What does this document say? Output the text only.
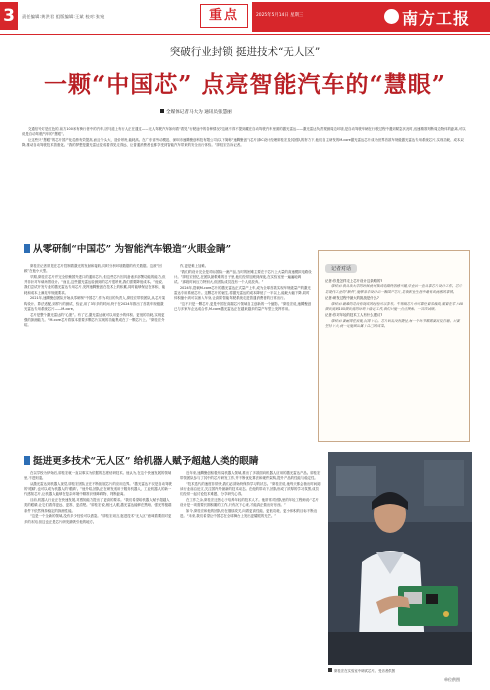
3	责任编辑:黄洪君 组版编辑:王斌 校对:张宛	重点	2025年5月14日 星期三	南方工报
突破行业封锁 挺进技术“无人区”
一颗“中国芯” 点亮智能汽车的“慧眼”
全媒体记者马大为 通讯员张慧丽

交通信号灯是红色的,前方100米有骑行者中的汽车,因马道上有行人正在通过——无人驾驶汽车如何看“看见”行驶途中的各种情况?这就不得不提到藏在自动驾驶汽车里面的激光雷达——激光雷达负责观测周边环境,是自动驾驶车辆在行驶过程中遇到紧急状况时,迅速精准判断周边物体的距离,可以说是自动驾驶汽车的“慧眼”。

让这些只“慧眼”的芯片国产化趋势有效提高,而且个头大、造价昂贵,能耗高。在广东省劳动模范、深圳市速腾聚创科技有限公司(以下简称“速腾聚创”)芯片部IC设计经理廖桂宏及其团队的努力下,他们自主研发的M-core激光雷达芯片成为世界首款车规级激光雷达专用系统芯片,实现功耗、成本双降,推动自动驾驶技术普惠化。“我的梦想是激光雷达变成看得见走得远、让普通消费者也都享受到智能汽车带来的安全出行体验。”廖桂宏告诉记者。

从零研制“中国芯” 为智能汽车锻造“火眼金睛”

廖桂宏记者常见在芯片控制着激光的发射和接收,同时分析环境数据的有关数据。这被“回顾”在他小大型。

早期,廖桂宏芯片并完全依赖国外进口的通用芯片,但这些芯片因具备诸多部署功能的能力,但并非针对车载场景设计。“而且,这些激光雷达检测到的芯片很昂贵,我们需要降低成本。”他说,我们尝试开发专业的激光雷达专用芯片,发挥速腾聚创在技术上的积累,同时能够保证在体积、能耗和成本上满足车规级要求。

2021年,速腾聚创团队开始从零研制“中国芯”,作为项目的负责人,廖桂宏带领团队,从芯片架构设计、算法适配,到样片的测试、验证,用了3年多的时间,终于在2024年推出了首款车规级激光雷达专用系统芯片——M-core。

芯片是整个激光雷达的“心脏”。有了它,激光雷达就可以用更小的体积、更低的功耗,实现更强的探测能力。“M-core芯片将原本需要多颗芯片实现的功能集成在了一颗芯片上。”廖桂宏介绍。

作,更是难上加难。

“我们的设计完全是对标国际一流产品,当时的困难主要在于芯片上大量的高速模拟电路设计。”廖桂宏回忆,在团队最艰难的日子里,他们经常加班到深夜,在实验室里一遍遍地调试。“那段时间压力特别大,但团队成员没有一个人说放弃。”

2024年,搭载M-core芯片的激光雷达正式量产上车,成为全球首款实现车规级量产的激光雷达专用系统芯片。这颗芯片的诞生,将激光雷达的成本降低了一半以上,能耗大幅下降,同时体积缩小到可以嵌入车身,让高阶智能驾驶系统走进普通消费者的日常出行。

“这不只是一颗芯片,更是中国在高端芯片领域自主创新的一个缩影。”廖桂宏说,速腾聚创已与多家车企达成合作,M-core激光雷达正在越来越多的量产车型上发挥作用。

记者对话

记者:你是怎样走上芯片设计这条路的?

廖桂宏:我从读大学的时候就对集成电路特别感兴趣,毕业后一直从事芯片设计工作。芯片是现代工业的“粮食”,能够亲手设计出一颗国产芯片,是我职业生涯中最有成就感的事情。

记者:研发过程中最大的挑战是什么?

廖桂宏:最难的是没有现成的经验可以参考。车规级芯片对可靠性要求极高,需要在零下40摄氏度到105摄氏度的环境下稳定工作,我们只能一点点摸索、一次次试错。

记者:你对年轻的技术工人有什么建议?

廖桂宏:要耐得住寂寞,沉得下心。芯片研发没有捷径,每一个环节都需要反复打磨。只要坚持下去,就一定能做出属于自己的成果。

挺进更多技术“无人区” 给机器人赋予超越人类的眼睛

在以学校为伊始后,廖桂宏就一直以事实为依据的态度钻研技术。他认为,在这个快速发展的领域里,不进则退。

从激光雷达到机器人视觉,廖桂宏团队正在不断拓展芯片的应用边界。“激光雷达不仅是自动驾驶的‘眼睛’,也可以成为机器人的‘眼睛’。”他介绍,团队正在研发适用于服务机器人、工业机器人的新一代感知芯片,让机器人能够在复杂环境中精准识别障碍物、判断距离。

目前,机器人行业正在快速发展,对感知能力提出了更高的要求。“我们希望给机器人赋予超越人类的眼睛,让它们看得更远、更准、更清楚。”廖桂宏说,相比人眼,激光雷达能够在黑暗、强光等极端条件下依然保持稳定的探测性能。

“这是一个全新的领域,没有多少经验可以借鉴。”廖桂宏坦言,挺进技术“无人区”意味着要面对更多的未知,但这也正是芯片研发最吸引他的地方。

近年来,速腾聚创积极布局机器人领域,推出了多款面向机器人应用的激光雷达产品。廖桂宏带领团队参与了其中的芯片研发工作,并不断优化算法和硬件架构,提升产品的性能与稳定性。

“技术迭代的速度非常快,我们必须始终保持学习的状态。”廖桂宏说,他每天都会抽出时间阅读行业前沿论文,关注国内外最新的技术动态。在他的带动下,团队形成了浓厚的学习氛围,成员们经常一起讨论技术难题、分享研究心得。

在工作之余,廖桂宏还热心于培养年轻的技术人才。他常常对团队里的年轻工程师说:“芯片设计是一项需要长期积累的工作,只有沉下心来,才能真正做出好东西。”

如今,廖桂宏和他的团队仍在继续攻关,向着更高性能、更低功耗、更小体积的目标不断迈进。“未来,我们希望让中国芯在全球舞台上发出更耀眼的光芒。”

廖桂宏在实验室中调试芯片。受访者供图
单位供图
